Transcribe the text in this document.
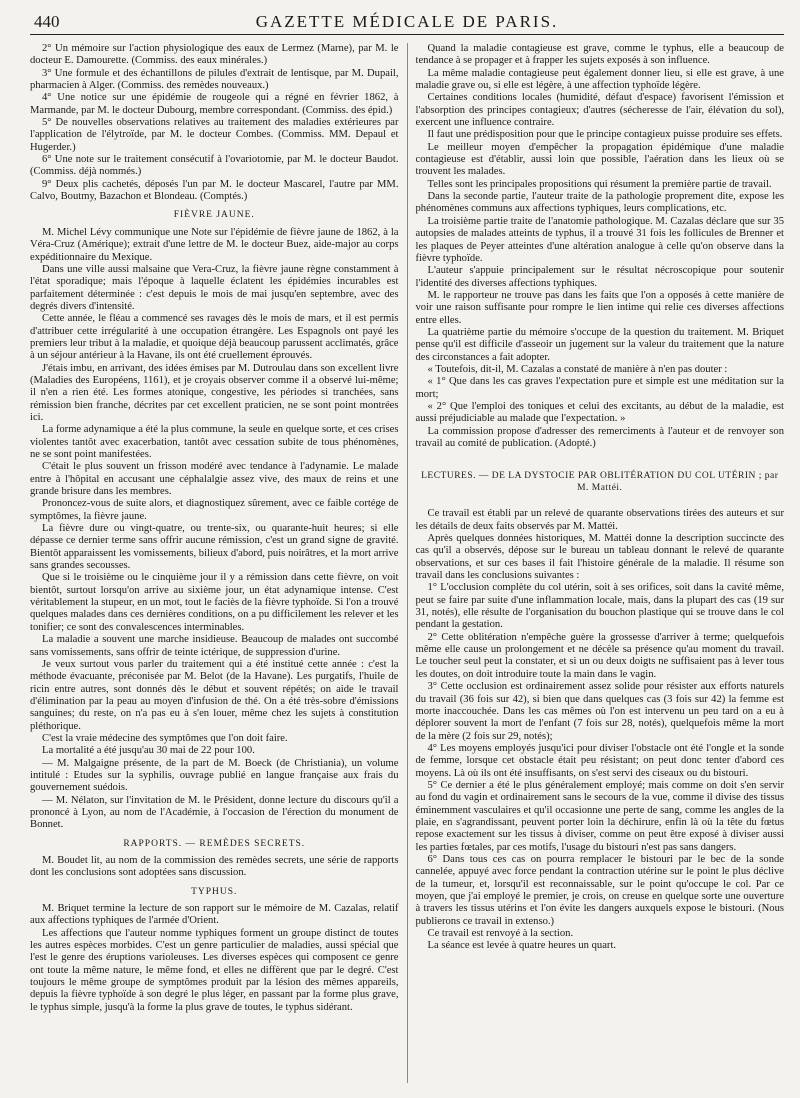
440	GAZETTE MÉDICALE DE PARIS.

2° Un mémoire sur l'action physiologique des eaux de Lermez (Marne), par M. le docteur E. Damourette. (Commiss. des eaux minérales.)

3° Une formule et des échantillons de pilules d'extrait de lentisque, par M. Dupail, pharmacien à Alger. (Commiss. des remèdes nouveaux.)

4° Une notice sur une épidémie de rougeole qui a régné en février 1862, à Marmande, par M. le docteur Dubourg, membre correspondant. (Commiss. des épid.)

5° De nouvelles observations relatives au traitement des maladies extérieures par l'application de l'élytroïde, par M. le docteur Combes. (Commiss. MM. Depaul et Hugerder.)

6° Une note sur le traitement consécutif à l'ovariotomie, par M. le docteur Baudot. (Commiss. déjà nommés.)

9° Deux plis cachetés, déposés l'un par M. le docteur Mascarel, l'autre par MM. Calvo, Boutmy, Bazachon et Blondeau. (Comptés.)

FIÈVRE JAUNE.

M. Michel Lévy communique une Note sur l'épidémie de fièvre jaune de 1862, à la Véra-Cruz (Amérique); extrait d'une lettre de M. le docteur Buez, aide-major au corps expéditionnaire du Mexique.

Dans une ville aussi malsaine que Vera-Cruz, la fièvre jaune règne constamment à l'état sporadique; mais l'époque à laquelle éclatent les épidémies incurables est parfaitement déterminée : c'est depuis le mois de mai jusqu'en septembre, avec des degrés divers d'intensité.

Cette année, le fléau a commencé ses ravages dès le mois de mars, et il est permis d'attribuer cette irrégularité à une occupation étrangère. Les Espagnols ont payé les premiers leur tribut à la maladie, et quoique déjà beaucoup parussent acclimatés, grâce à un séjour antérieur à la Havane, ils ont été cruellement éprouvés.

J'étais imbu, en arrivant, des idées émises par M. Dutroulau dans son excellent livre (Maladies des Européens, 1161), et je croyais observer comme il a observé lui-même; il n'en a rien été. Les formes atonique, congestive, les périodes si tranchées, sans rémission bien franche, décrites par cet excellent praticien, ne se sont point montrées ici.

La forme adynamique a été la plus commune, la seule en quelque sorte, et ces crises violentes tantôt avec exacerbation, tantôt avec cessation subite de tous phénomènes, ne se sont point manifestées.

C'était le plus souvent un frisson modéré avec tendance à l'adynamie. Le malade entre à l'hôpital en accusant une céphalalgie assez vive, des maux de reins et une grande brisure dans les membres.

Prononcez-vous de suite alors, et diagnostiquez sûrement, avec ce faible cortége de symptômes, la fièvre jaune.

La fièvre dure ou vingt-quatre, ou trente-six, ou quarante-huit heures; si elle dépasse ce dernier terme sans offrir aucune rémission, c'est un grand signe de gravité. Bientôt apparaissent les vomissements, bilieux d'abord, puis noirâtres, et la mort arrive sans grandes secousses.

Que si le troisième ou le cinquième jour il y a rémission dans cette fièvre, on voit bientôt, surtout lorsqu'on arrive au sixième jour, un état adynamique intense. C'est véritablement la stupeur, en un mot, tout le faciès de la fièvre typhoïde. Si l'on a trouvé quelques malades dans ces dernières conditions, on a pu difficilement les relever et les tonifier; ce sont des convalescences interminables.

La maladie a souvent une marche insidieuse. Beaucoup de malades ont succombé sans vomissements, sans offrir de teinte ictérique, de suppression d'urine.

Je veux surtout vous parler du traitement qui a été institué cette année : c'est la méthode évacuante, préconisée par M. Belot (de la Havane). Les purgatifs, l'huile de ricin entre autres, sont donnés dès le début et souvent répétés; on aide le travail d'élimination par la peau au moyen d'infusion de thé. On a été très-sobre d'émissions sanguines; du reste, on n'a pas eu à s'en louer, même chez les sujets à constitution pléthorique.

C'est la vraie médecine des symptômes que l'on doit faire.

La mortalité a été jusqu'au 30 mai de 22 pour 100.

— M. Malgaigne présente, de la part de M. Boeck (de Christiania), un volume intitulé : Etudes sur la syphilis, ouvrage publié en langue française aux frais du gouvernement suédois.

— M. Nélaton, sur l'invitation de M. le Président, donne lecture du discours qu'il a prononcé à Lyon, au nom de l'Académie, à l'occasion de l'érection du monument de Bonnet.

RAPPORTS. — REMÈDES SECRETS.

M. Boudet lit, au nom de la commission des remèdes secrets, une série de rapports dont les conclusions sont adoptées sans discussion.

TYPHUS.

M. Briquet termine la lecture de son rapport sur le mémoire de M. Cazalas, relatif aux affections typhiques de l'armée d'Orient.

Les affections que l'auteur nomme typhiques forment un groupe distinct de toutes les autres espèces morbides. C'est un genre particulier de maladies, aussi spécial que l'est le genre des éruptions varioleuses. Les diverses espèces qui composent ce genre ont toute la même nature, le même fond, et elles ne diffèrent que par le degré. C'est toujours le même groupe de symptômes produit par la lésion des mêmes appareils, depuis la fièvre typhoïde à son degré le plus léger, en passant par la forme plus grave, le typhus simple, jusqu'à la forme la plus grave de toutes, le typhus sidérant.

Quand la maladie contagieuse est grave, comme le typhus, elle a beaucoup de tendance à se propager et à frapper les sujets exposés à son influence.

La même maladie contagieuse peut également donner lieu, si elle est grave, à une maladie grave ou, si elle est légère, à une affection typhoïde légère.

Certaines conditions locales (humidité, défaut d'espace) favorisent l'émission et l'absorption des principes contagieux; d'autres (sécheresse de l'air, élévation du sol), exercent une influence contraire.

Il faut une prédisposition pour que le principe contagieux puisse produire ses effets.

Le meilleur moyen d'empêcher la propagation épidémique d'une maladie contagieuse est d'établir, aussi loin que possible, l'aération dans les lieux où se trouvent les malades.

Telles sont les principales propositions qui résument la première partie de travail.

Dans la seconde partie, l'auteur traite de la pathologie proprement dite, expose les phénomènes communs aux affections typhiques, leurs complications, etc.

La troisième partie traite de l'anatomie pathologique. M. Cazalas déclare que sur 35 autopsies de malades atteints de typhus, il a trouvé 31 fois les follicules de Brenner et les plaques de Peyer atteintes d'une altération analogue à celle qu'on observe dans la fièvre typhoïde.

L'auteur s'appuie principalement sur le résultat nécroscopique pour soutenir l'identité des diverses affections typhiques.

M. le rapporteur ne trouve pas dans les faits que l'on a opposés à cette manière de voir une raison suffisante pour rompre le lien intime qui relie ces diverses affections entre elles.

La quatrième partie du mémoire s'occupe de la question du traitement. M. Briquet pense qu'il est difficile d'asseoir un jugement sur la valeur du traitement que la nature des circonstances a fait adopter.

« Toutefois, dit-il, M. Cazalas a constaté de manière à n'en pas douter :

« 1° Que dans les cas graves l'expectation pure et simple est une méditation sur la mort;

« 2° Que l'emploi des toniques et celui des excitants, au début de la maladie, est aussi préjudiciable au malade que l'expectation. »

La commission propose d'adresser des remerciments à l'auteur et de renvoyer son travail au comité de publication. (Adopté.)

LECTURES. — DE LA DYSTOCIE PAR OBLITÉRATION DU COL UTÉRIN ; par M. Mattéi.

Ce travail est établi par un relevé de quarante observations tirées des auteurs et sur les détails de deux faits observés par M. Mattéi.

Après quelques données historiques, M. Mattéi donne la description succincte des cas qu'il a observés, dépose sur le bureau un tableau donnant le relevé de quarante observations, et sur ces bases il fait l'histoire générale de la maladie. Il résume son travail dans les conclusions suivantes :

1° L'occlusion complète du col utérin, soit à ses orifices, soit dans la cavité même, peut se faire par suite d'une inflammation locale, mais, dans la plupart des cas (19 sur 31, notés), elle résulte de l'organisation du bouchon plastique qui se trouve dans le col pendant la gestation.

2° Cette oblitération n'empêche guère la grossesse d'arriver à terme; quelquefois même elle cause un prolongement et ne décèle sa présence qu'au moment du travail. Le toucher seul peut la constater, et si un ou deux doigts ne suffisaient pas à lever tous les doutes, on doit introduire toute la main dans le vagin.

3° Cette occlusion est ordinairement assez solide pour résister aux efforts naturels du travail (36 fois sur 42), si bien que dans quelques cas (3 fois sur 42) la femme est morte inaccouchée. Dans les cas mêmes où l'on est intervenu un peu tard on a eu à déplorer souvent la mort de l'enfant (7 fois sur 28, notés), quelquefois même la mort de la mère (2 fois sur 29, notés);

4° Les moyens employés jusqu'ici pour diviser l'obstacle ont été l'ongle et la sonde de femme, lorsque cet obstacle était peu résistant; on peut donc tenter d'abord ces moyens. Là où ils ont été insuffisants, on s'est servi des ciseaux ou du bistouri.

5° Ce dernier a été le plus généralement employé; mais comme on doit s'en servir au fond du vagin et ordinairement sans le secours de la vue, comme il divise des tissus éminemment vasculaires et qu'il occasionne une perte de sang, comme les angles de la plaie, en s'agrandissant, peuvent porter loin la déchirure, enfin là où la tête du fœtus repose exactement sur les tissus à diviser, comme on peut être exposé à diviser aussi les parties fœtales, par ces motifs, l'usage du bistouri n'est pas sans dangers.

6° Dans tous ces cas on pourra remplacer le bistouri par le bec de la sonde cannelée, appuyé avec force pendant la contraction utérine sur le point le plus déclive de la tumeur, et, lorsqu'il est reconnaissable, sur le point qu'occupe le col. Par ce moyen, que j'ai employé le premier, je crois, on creuse en quelque sorte une ouverture à travers les tissus utérins et l'on évite les dangers auxquels expose le bistouri. (Nous publierons ce travail in extenso.)

Ce travail est renvoyé à la section.

La séance est levée à quatre heures un quart.
